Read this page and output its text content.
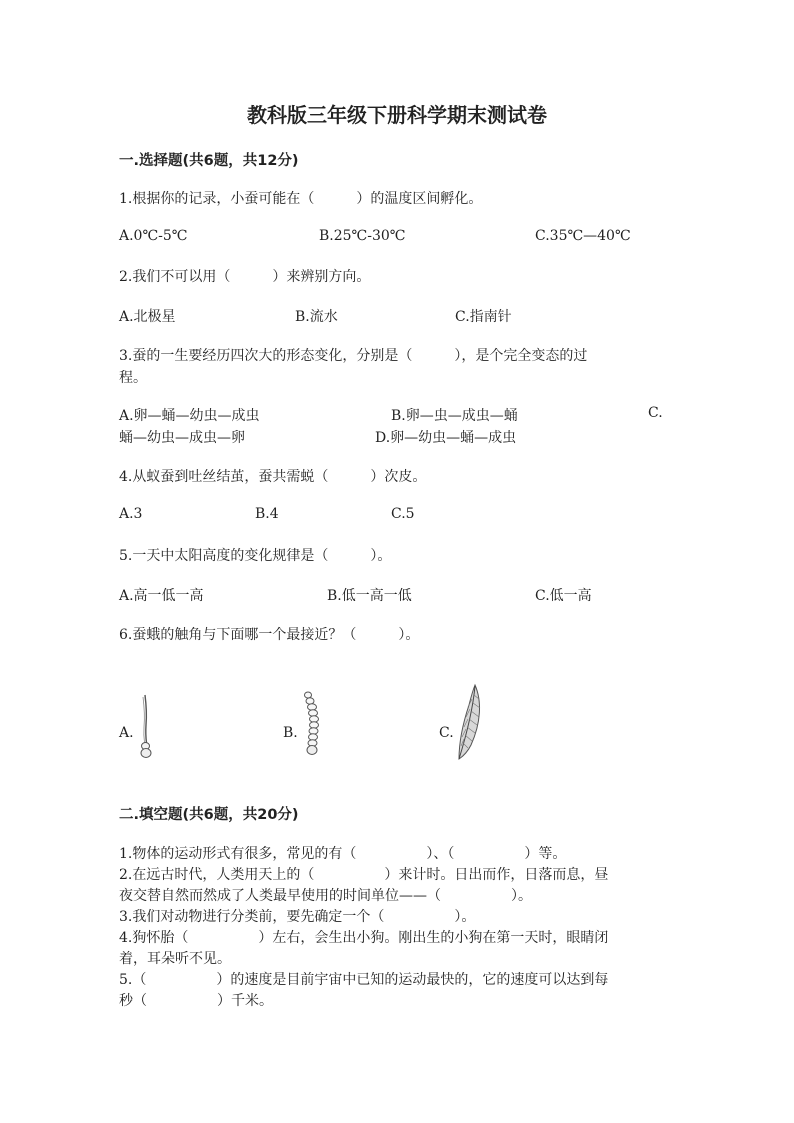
教科版三年级下册科学期末测试卷
一.选择题(共6题，共12分)
1.根据你的记录，小蚕可能在（　　　）的温度区间孵化。
A.0℃-5℃	B.25℃-30℃	C.35℃—40℃
2.我们不可以用（　　　）来辨别方向。
A.北极星	B.流水	C.指南针
3.蚕的一生要经历四次大的形态变化，分别是（　　　），是个完全变态的过
程。
A.卵—蛹—幼虫—成虫	B.卵—虫—成虫—蛹	C.
蛹—幼虫—成虫—卵	D.卵—幼虫—蛹—成虫
4.从蚁蚕到吐丝结茧，蚕共需蜕（　　　）次皮。
A.3	B.4	C.5
5.一天中太阳高度的变化规律是（　　　）。
A.高一低一高	B.低一高一低	C.低一高
6.蚕蛾的触角与下面哪一个最接近？（　　　）。
A.	B.	C.
二.填空题(共6题，共20分)
1.物体的运动形式有很多，常见的有（　　　　　）、（　　　　　）等。
2.在远古时代，人类用天上的（　　　　　）来计时。日出而作，日落而息，昼
夜交替自然而然成了人类最早使用的时间单位——（　　　　　）。
3.我们对动物进行分类前，要先确定一个（　　　　　）。
4.狗怀胎（　　　　　）左右，会生出小狗。刚出生的小狗在第一天时，眼睛闭
着，耳朵听不见。
5.（　　　　　）的速度是目前宇宙中已知的运动最快的，它的速度可以达到每
秒（　　　　　）千米。
